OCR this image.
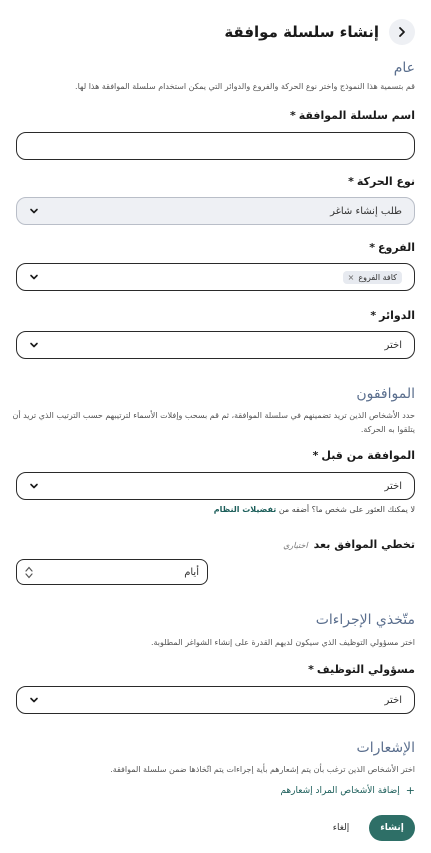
إنشاء سلسلة موافقة
عام
قم بتسمية هذا النموذج واختر نوع الحركة والفروع والدوائر التي يمكن استخدام سلسلة الموافقة هذا لها.
اسم سلسلة الموافقة*
نوع الحركة*
طلب إنشاء شاغر
الفروع*
كافة الفروع
×
الدوائر*
اختر
الموافقون
حدد الأشخاص الذين تريد تضمينهم في سلسلة الموافقة، ثم قم بسحب وإفلات الأسماء لترتيبهم حسب الترتيب الذي تريد أن يتلقوا به الحركة.
الموافقة من قبل*
اختر
لا يمكنك العثور على شخص ما؟ أضفه من تفضيلات النظام
تخطي الموافق بعداختياري
أيام
متّخذي الإجراءات
اختر مسؤولي التوظيف الذي سيكون لديهم القدرة على إنشاء الشواغر المطلوبة.
مسؤولي التوظيف*
اختر
الإشعارات
اختر الأشخاص الذين ترغب بأن يتم إشعارهم بأية إجراءات يتم اتّخاذها ضمن سلسلة الموافقة.
+
إضافة الأشخاص المراد إشعارهم
إنشاء
إلغاء
